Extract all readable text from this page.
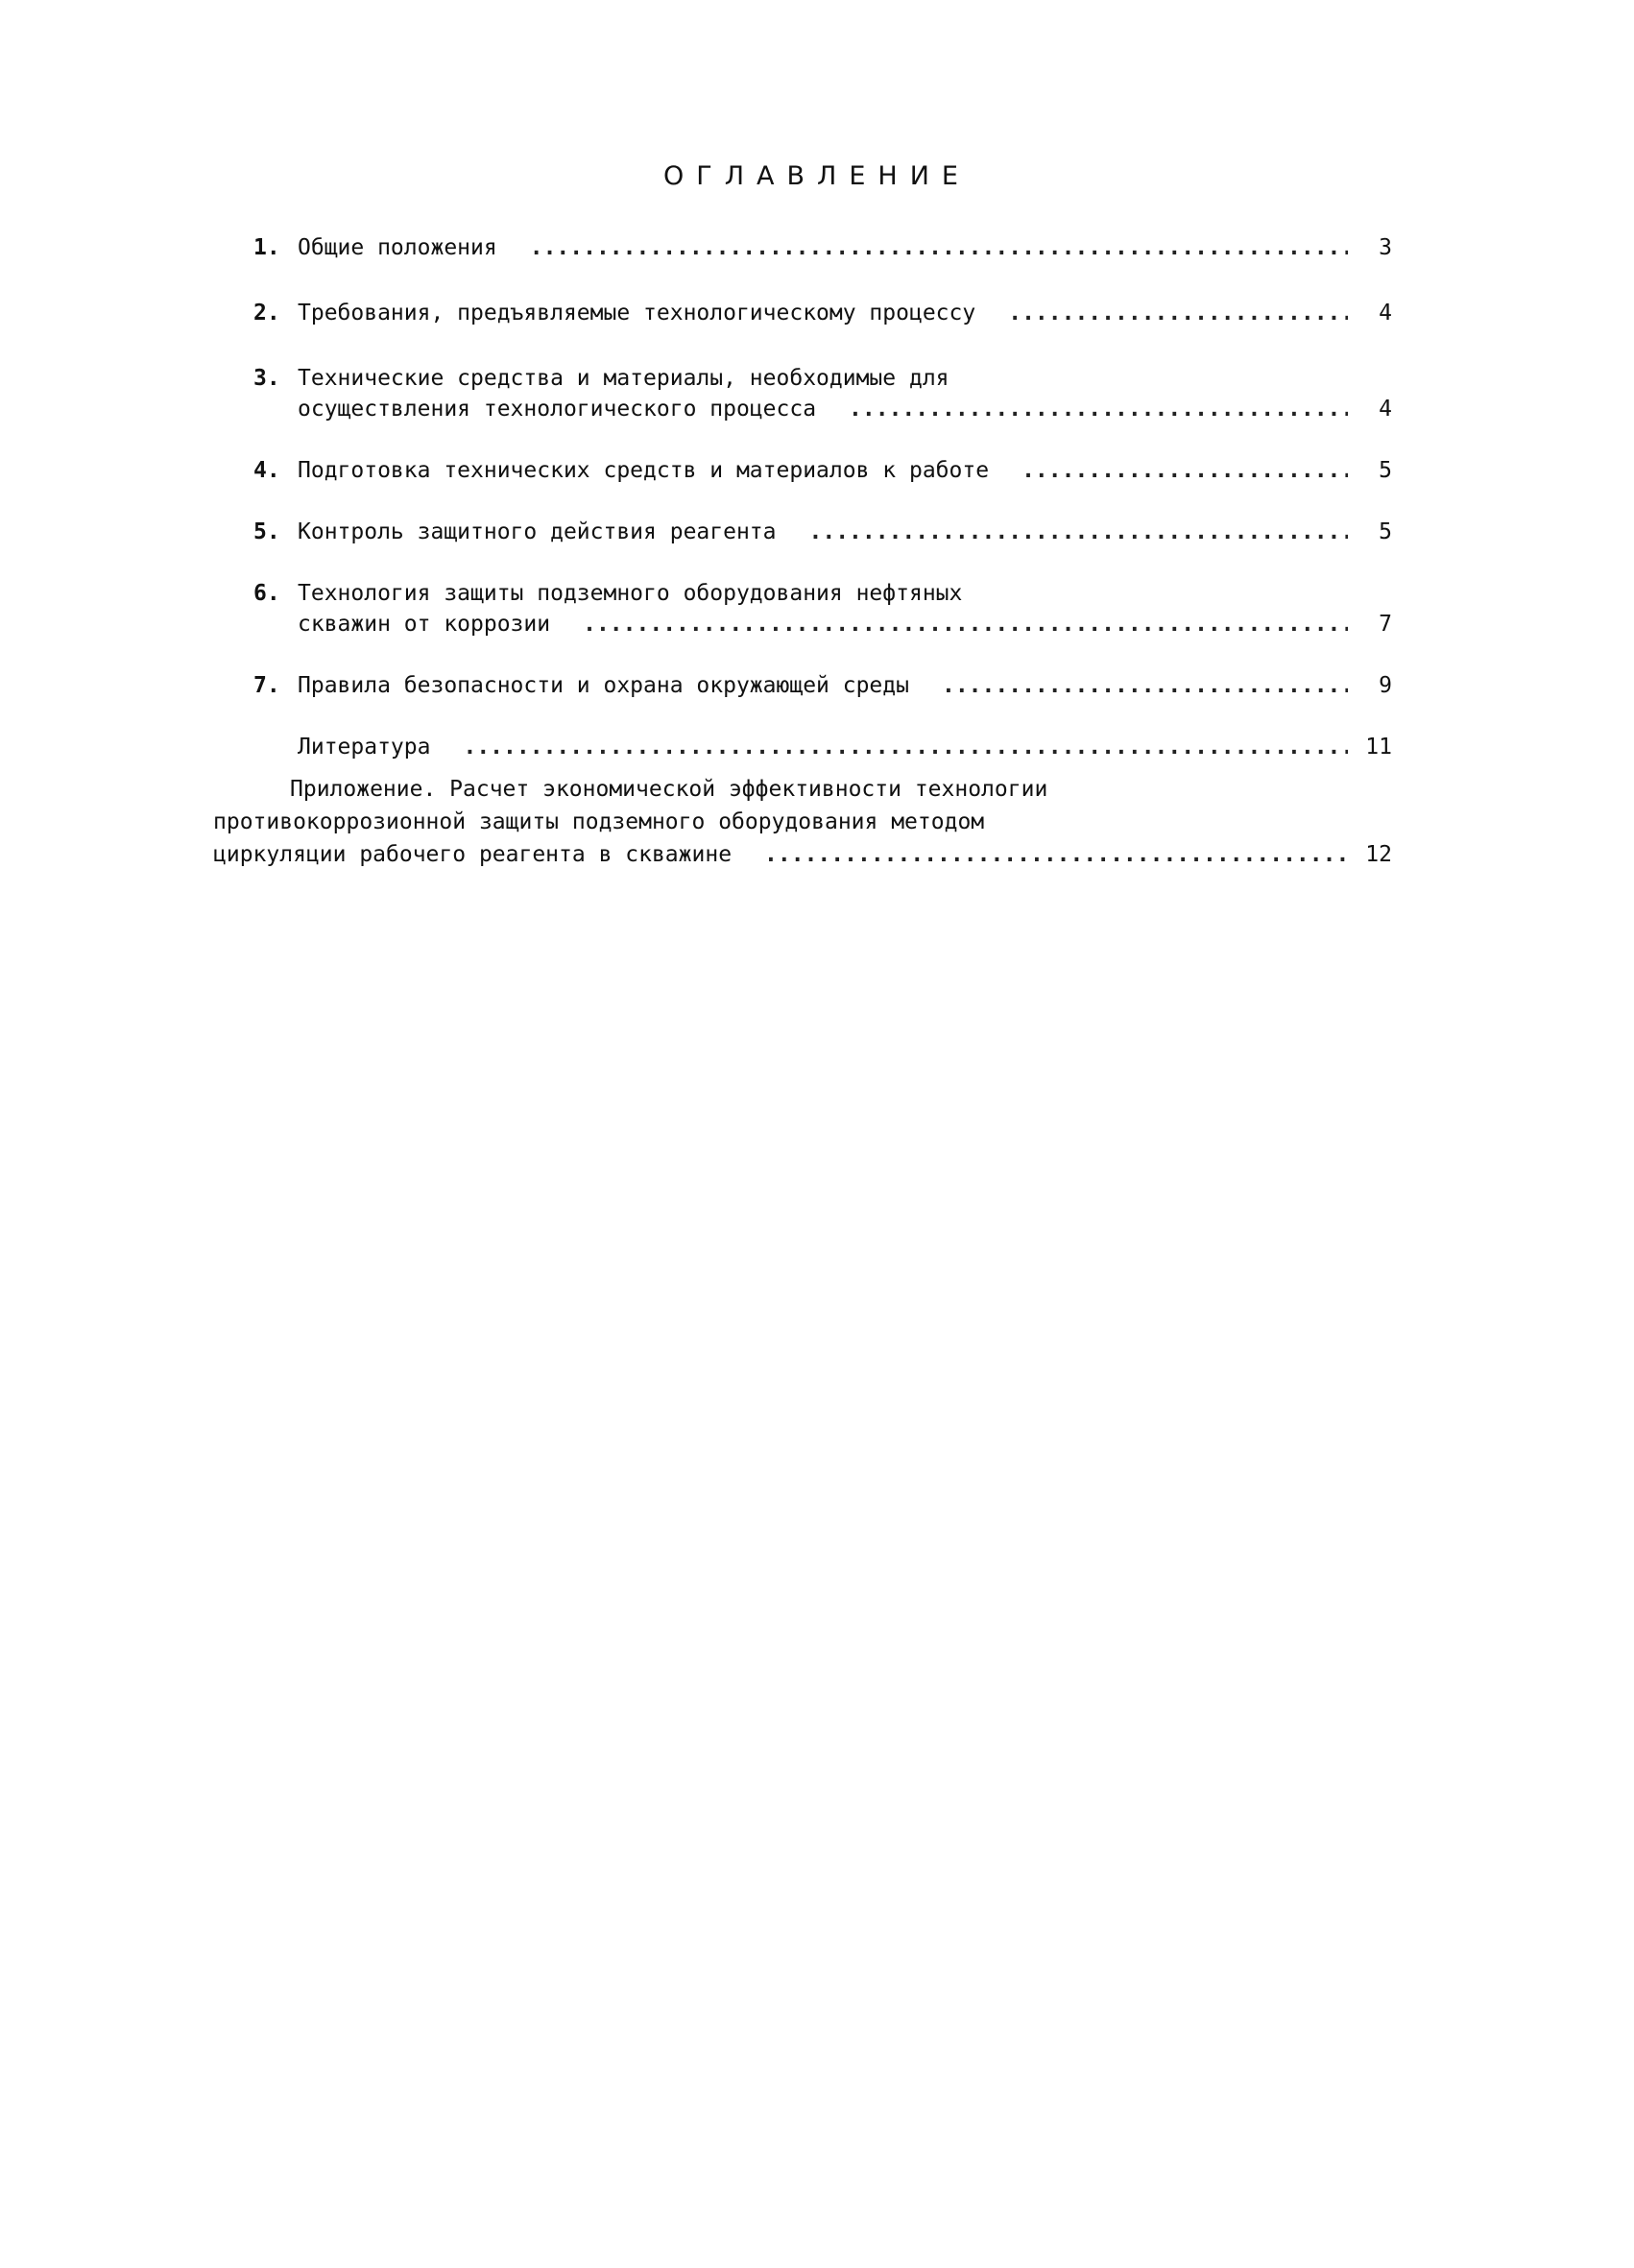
ОГЛАВЛЕНИЕ
1. Общие положения .....	3
2. Требования, предъявляемые технологическому процессу .....	4
3. Технические средства и материалы, необходимые для
осуществления технологического процесса .....	4
4. Подготовка технических средств и материалов к работе .....	5
5. Контроль защитного действия реагента .....	5
6. Технология защиты подземного оборудования нефтяных
скважин от коррозии .....	7
7. Правила безопасности и охрана окружающей среды .....	9
Литература .....	11
Приложение. Расчет экономической эффективности технологии
противокоррозионной защиты подземного оборудования методом
циркуляции рабочего реагента в скважине .....	12
